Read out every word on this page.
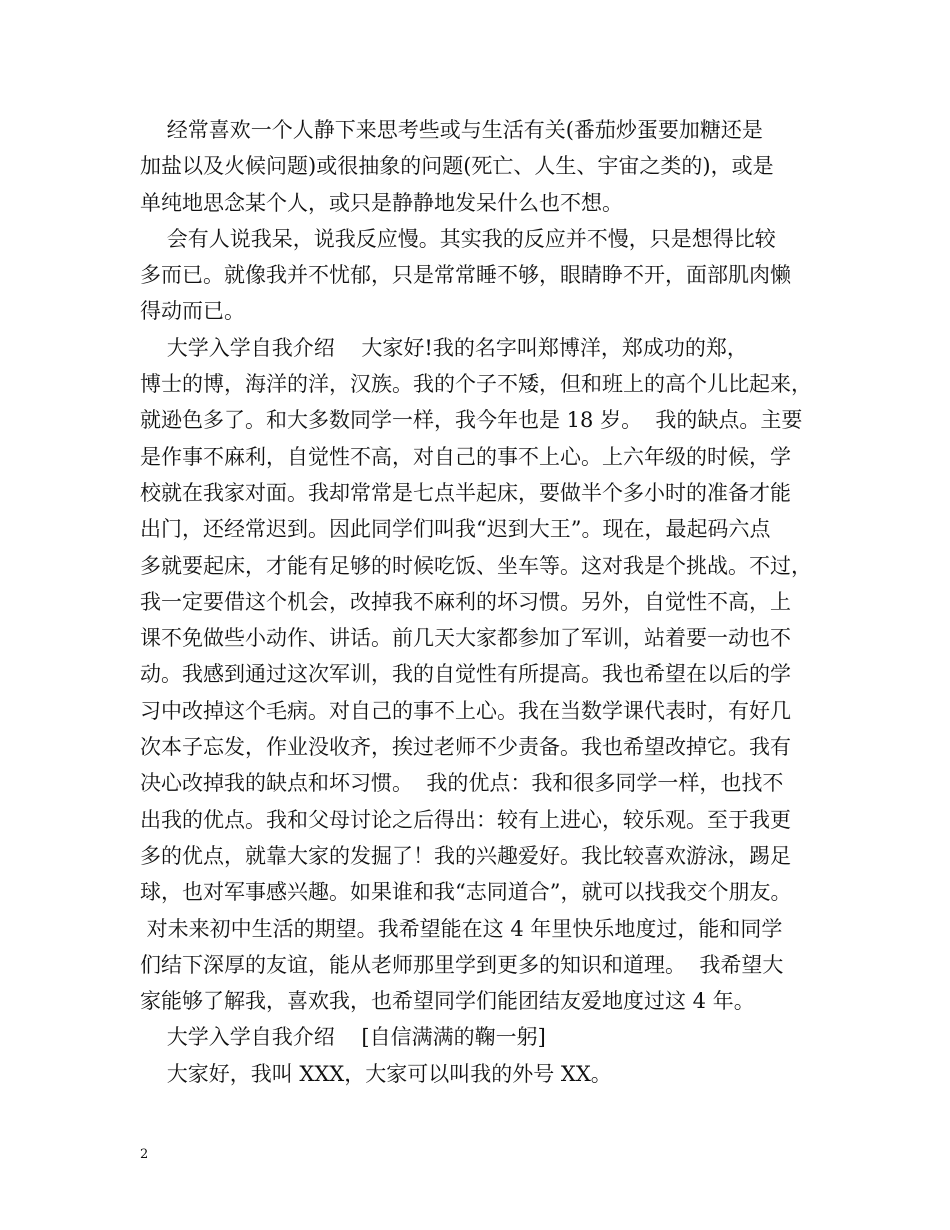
经常喜欢一个人静下来思考些或与生活有关(番茄炒蛋要加糖还是
加盐以及火候问题)或很抽象的问题(死亡、人生、宇宙之类的)，或是
单纯地思念某个人，或只是静静地发呆什么也不想。
会有人说我呆，说我反应慢。其实我的反应并不慢，只是想得比较
多而已。就像我并不忧郁，只是常常睡不够，眼睛睁不开，面部肌肉懒
得动而已。
大学入学自我介绍    大家好!我的名字叫郑博洋，郑成功的郑，
博士的博，海洋的洋，汉族。我的个子不矮，但和班上的高个儿比起来，
就逊色多了。和大多数同学一样，我今年也是 18 岁。  我的缺点。主要
是作事不麻利，自觉性不高，对自己的事不上心。上六年级的时候，学
校就在我家对面。我却常常是七点半起床，要做半个多小时的准备才能
出门，还经常迟到。因此同学们叫我“迟到大王”。现在，最起码六点
多就要起床，才能有足够的时候吃饭、坐车等。这对我是个挑战。不过，
我一定要借这个机会，改掉我不麻利的坏习惯。另外，自觉性不高，上
课不免做些小动作、讲话。前几天大家都参加了军训，站着要一动也不
动。我感到通过这次军训，我的自觉性有所提高。我也希望在以后的学
习中改掉这个毛病。对自己的事不上心。我在当数学课代表时，有好几
次本子忘发，作业没收齐，挨过老师不少责备。我也希望改掉它。我有
决心改掉我的缺点和坏习惯。  我的优点：我和很多同学一样，也找不
出我的优点。我和父母讨论之后得出：较有上进心，较乐观。至于我更
多的优点，就靠大家的发掘了！我的兴趣爱好。我比较喜欢游泳，踢足
球，也对军事感兴趣。如果谁和我“志同道合”，就可以找我交个朋友。
对未来初中生活的期望。我希望能在这 4 年里快乐地度过，能和同学
们结下深厚的友谊，能从老师那里学到更多的知识和道理。  我希望大
家能够了解我，喜欢我，也希望同学们能团结友爱地度过这 4 年。
大学入学自我介绍    [自信满满的鞠一躬]
大家好，我叫 XXX，大家可以叫我的外号 XX。
2
